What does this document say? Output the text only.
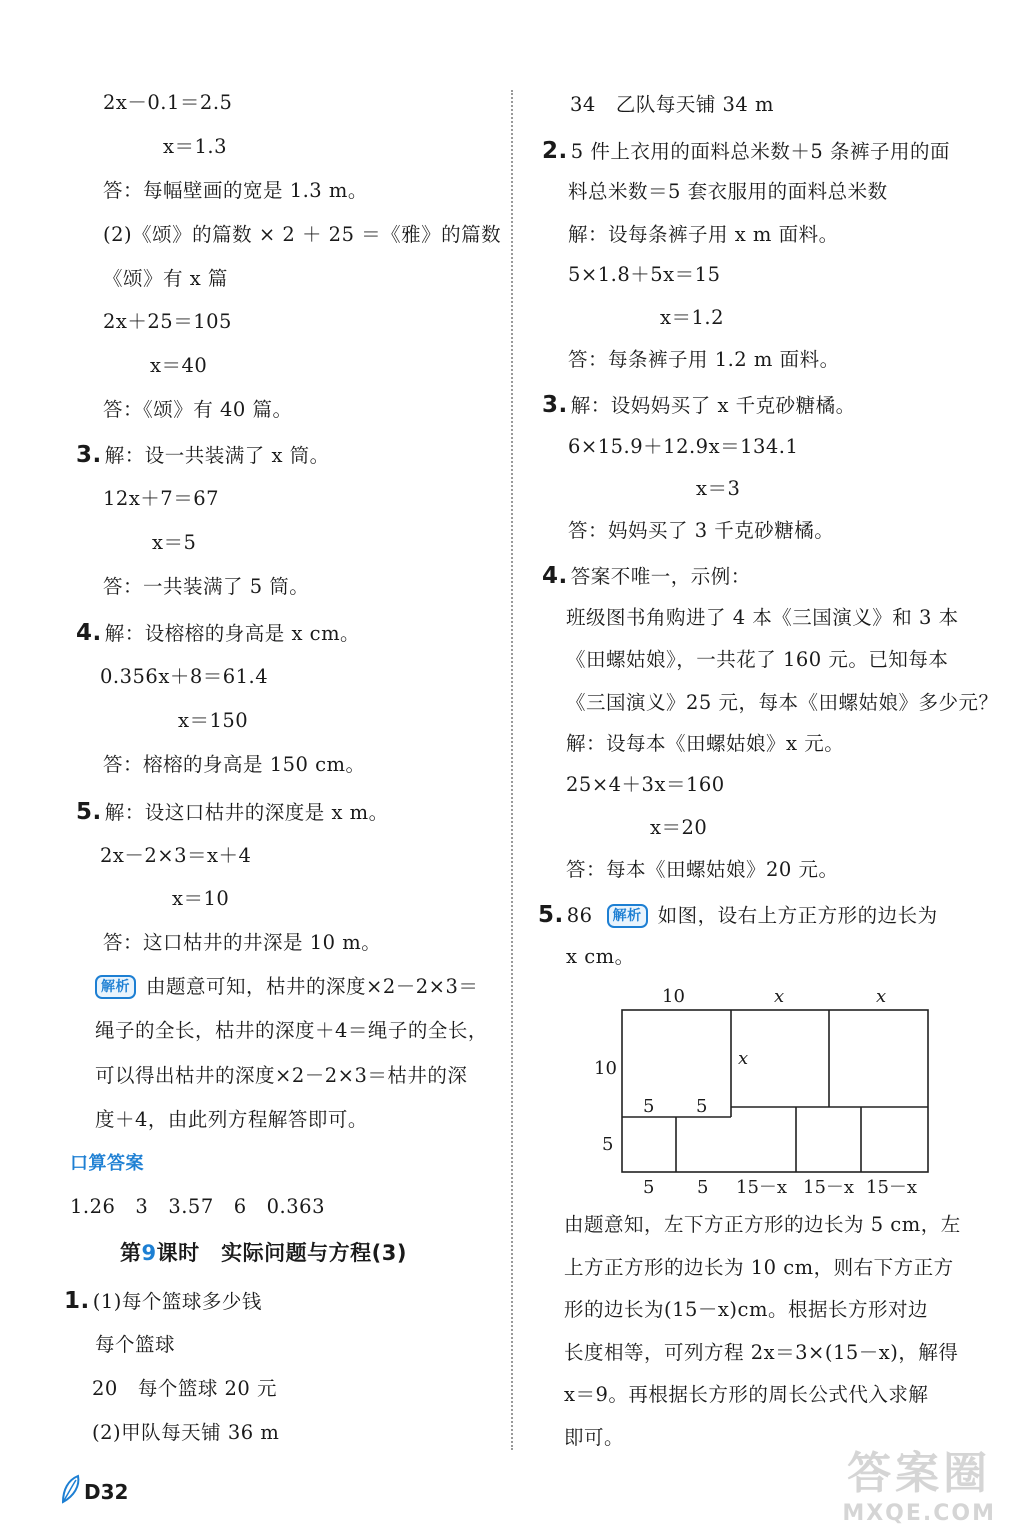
2x－0.1＝2.5
x＝1.3
答：每幅壁画的宽是 1.3 m。
(2)《颂》的篇数 × 2 ＋ 25 ＝《雅》的篇数
《颂》有 x 篇
2x＋25＝105
x＝40
答：《颂》有 40 篇。
3. 解：设一共装满了 x 筒。
12x＋7＝67
x＝5
答：一共装满了 5 筒。
4. 解：设榕榕的身高是 x cm。
0.356x＋8＝61.4
x＝150
答：榕榕的身高是 150 cm。
5. 解：设这口枯井的深度是 x m。
2x－2×3＝x＋4
x＝10
答：这口枯井的井深是 10 m。
解析 由题意可知，枯井的深度×2－2×3＝
绳子的全长，枯井的深度＋4＝绳子的全长，
可以得出枯井的深度×2－2×3＝枯井的深
度＋4，由此列方程解答即可。
口算答案
1.26　3　3.57　6　0.363
第9课时　实际问题与方程(3)
1. (1)每个篮球多少钱
每个篮球
20　每个篮球 20 元
(2)甲队每天铺 36 m
34　乙队每天铺 34 m
2. 5 件上衣用的面料总米数＋5 条裤子用的面
料总米数＝5 套衣服用的面料总米数
解：设每条裤子用 x m 面料。
5×1.8＋5x＝15
x＝1.2
答：每条裤子用 1.2 m 面料。
3. 解：设妈妈买了 x 千克砂糖橘。
6×15.9＋12.9x＝134.1
x＝3
答：妈妈买了 3 千克砂糖橘。
4. 答案不唯一，示例：
班级图书角购进了 4 本《三国演义》和 3 本
《田螺姑娘》，一共花了 160 元。已知每本
《三国演义》25 元，每本《田螺姑娘》多少元？
解：设每本《田螺姑娘》x 元。
25×4＋3x＝160
x＝20
答：每本《田螺姑娘》20 元。
5. 86 解析 如图，设右上方正方形的边长为
x cm。
10	x	x
10
5
x
5 5
5 5 15－x 15－x 15－x
由题意知，左下方正方形的边长为 5 cm，左
上方正方形的边长为 10 cm，则右下方正方
形的边长为(15－x)cm。根据长方形对边
长度相等，可列方程 2x＝3×(15－x)，解得
x＝9。再根据长方形的周长公式代入求解
即可。
D32	答案圈
MXQE.COM
